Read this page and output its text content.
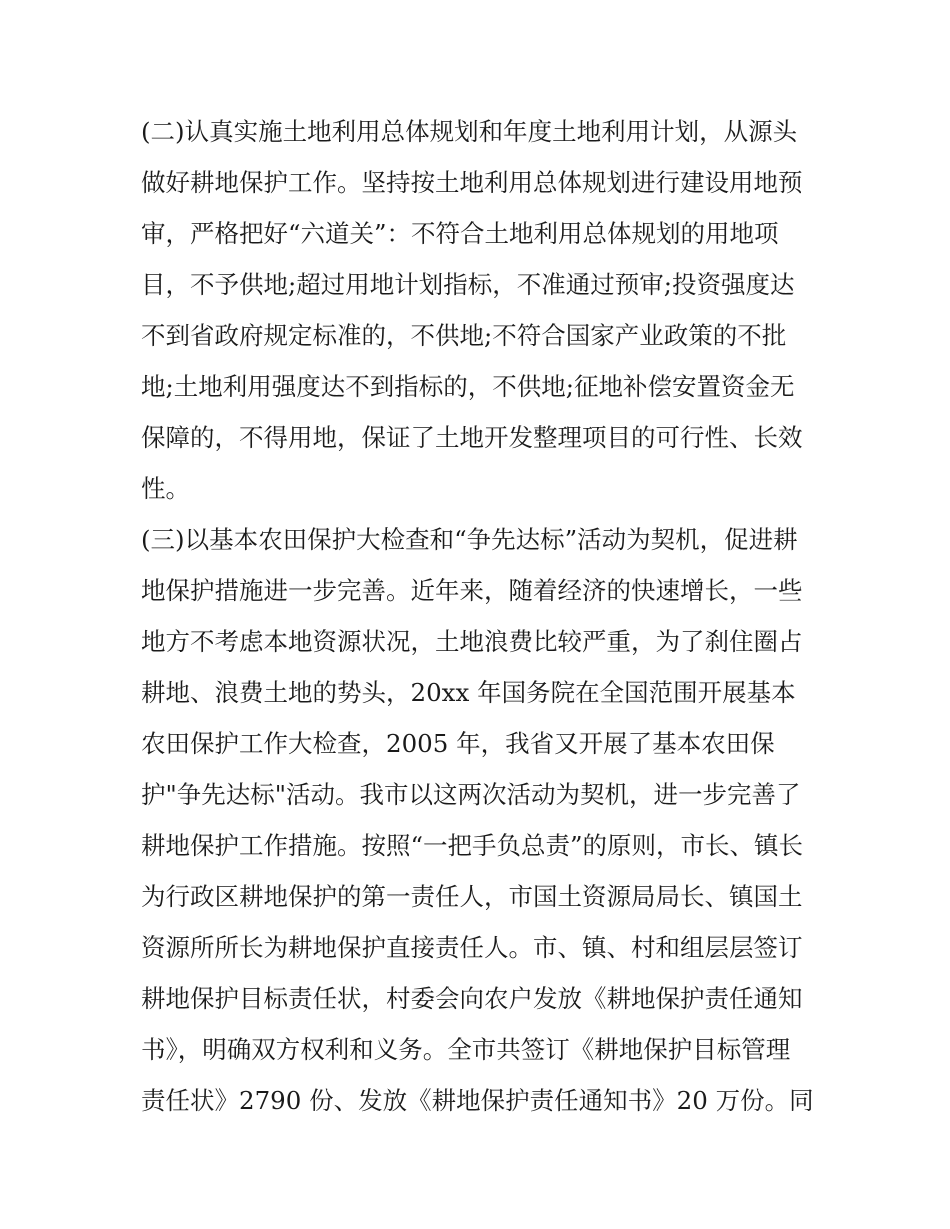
(二)认真实施土地利用总体规划和年度土地利用计划，从源头
做好耕地保护工作。坚持按土地利用总体规划进行建设用地预
审，严格把好“六道关”：不符合土地利用总体规划的用地项
目，不予供地;超过用地计划指标，不准通过预审;投资强度达
不到省政府规定标准的，不供地;不符合国家产业政策的不批
地;土地利用强度达不到指标的，不供地;征地补偿安置资金无
保障的，不得用地，保证了土地开发整理项目的可行性、长效
性。
(三)以基本农田保护大检查和“争先达标”活动为契机，促进耕
地保护措施进一步完善。近年来，随着经济的快速增长，一些
地方不考虑本地资源状况，土地浪费比较严重，为了刹住圈占
耕地、浪费土地的势头，20xx 年国务院在全国范围开展基本
农田保护工作大检查，2005 年，我省又开展了基本农田保
护"争先达标"活动。我市以这两次活动为契机，进一步完善了
耕地保护工作措施。按照“一把手负总责”的原则，市长、镇长
为行政区耕地保护的第一责任人，市国土资源局局长、镇国土
资源所所长为耕地保护直接责任人。市、镇、村和组层层签订
耕地保护目标责任状，村委会向农户发放《耕地保护责任通知
书》，明确双方权利和义务。全市共签订《耕地保护目标管理
责任状》2790 份、发放《耕地保护责任通知书》20 万份。同
